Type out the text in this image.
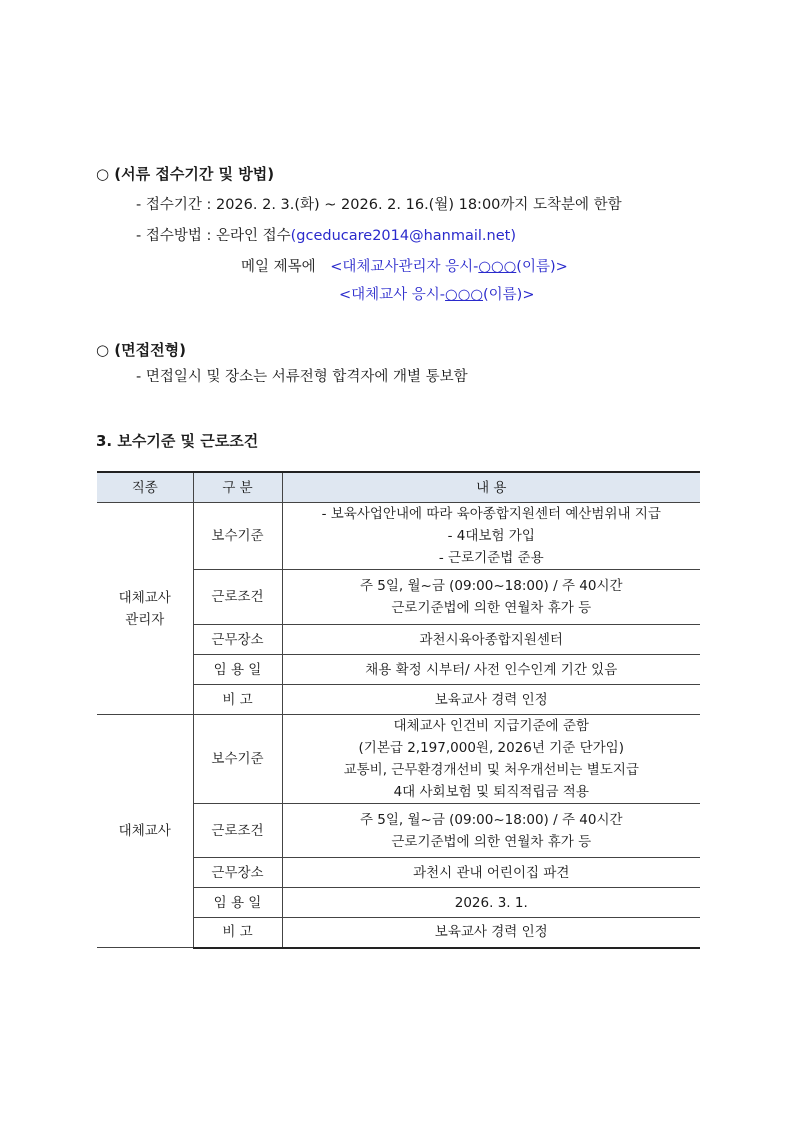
○ (서류 접수기간 및 방법)
- 접수기간 : 2026. 2. 3.(화) ~ 2026. 2. 16.(월) 18:00까지 도착분에 한함
- 접수방법 : 온라인 접수(gceducare2014@hanmail.net)
메일 제목에 <대체교사관리자 응시-○○○(이름)>
<대체교사 응시-○○○(이름)>
○ (면접전형)
- 면접일시 및 장소는 서류전형 합격자에 개별 통보함
3. 보수기준 및 근로조건
직종	구 분	내 용

대체교사
관리자	보수기준	- 보육사업안내에 따라 육아종합지원센터 예산범위내 지급
- 4대보험 가입
- 근로기준법 준용

	근로조건	주 5일, 월~금 (09:00~18:00) / 주 40시간
근로기준법에 의한 연월차 휴가 등

	근무장소	과천시육아종합지원센터
	임 용 일	채용 확정 시부터/ 사전 인수인계 기간 있음
	비 고	보육교사 경력 인정
대체교사	보수기준	대체교사 인건비 지급기준에 준함
(기본급 2,197,000원, 2026년 기준 단가임)
교통비, 근무환경개선비 및 처우개선비는 별도지급
4대 사회보험 및 퇴직적립금 적용

	근로조건	주 5일, 월~금 (09:00~18:00) / 주 40시간
근로기준법에 의한 연월차 휴가 등

	근무장소	과천시 관내 어린이집 파견
	임 용 일	2026. 3. 1.
	비 고	보육교사 경력 인정
